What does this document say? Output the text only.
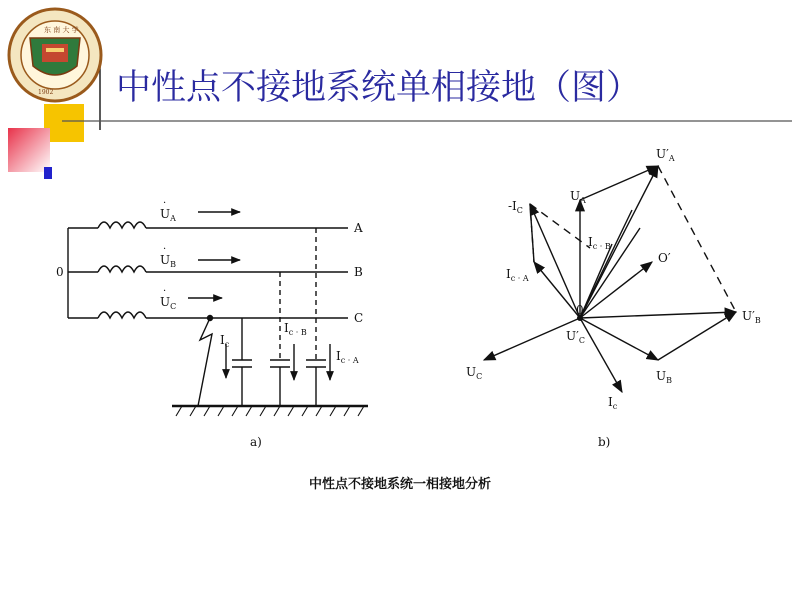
东 南 大 学
1902 中性点不接地系统单相接地（图）
0
A
B
C
$U_A$
$U_B$
$U_C$
·
·
·
$I_c$
$I_{c \cdot B}$
$I_{c \cdot A}$
a)
0
O′
$U'_A$
$U_A$
$-I_C$
$I_{c \cdot A}$
$I_{c \cdot B}$
$U'_B$
$U'_C$
$U_C$	$U_B$
$I_c$
b)
中性点不接地系统一相接地分析
